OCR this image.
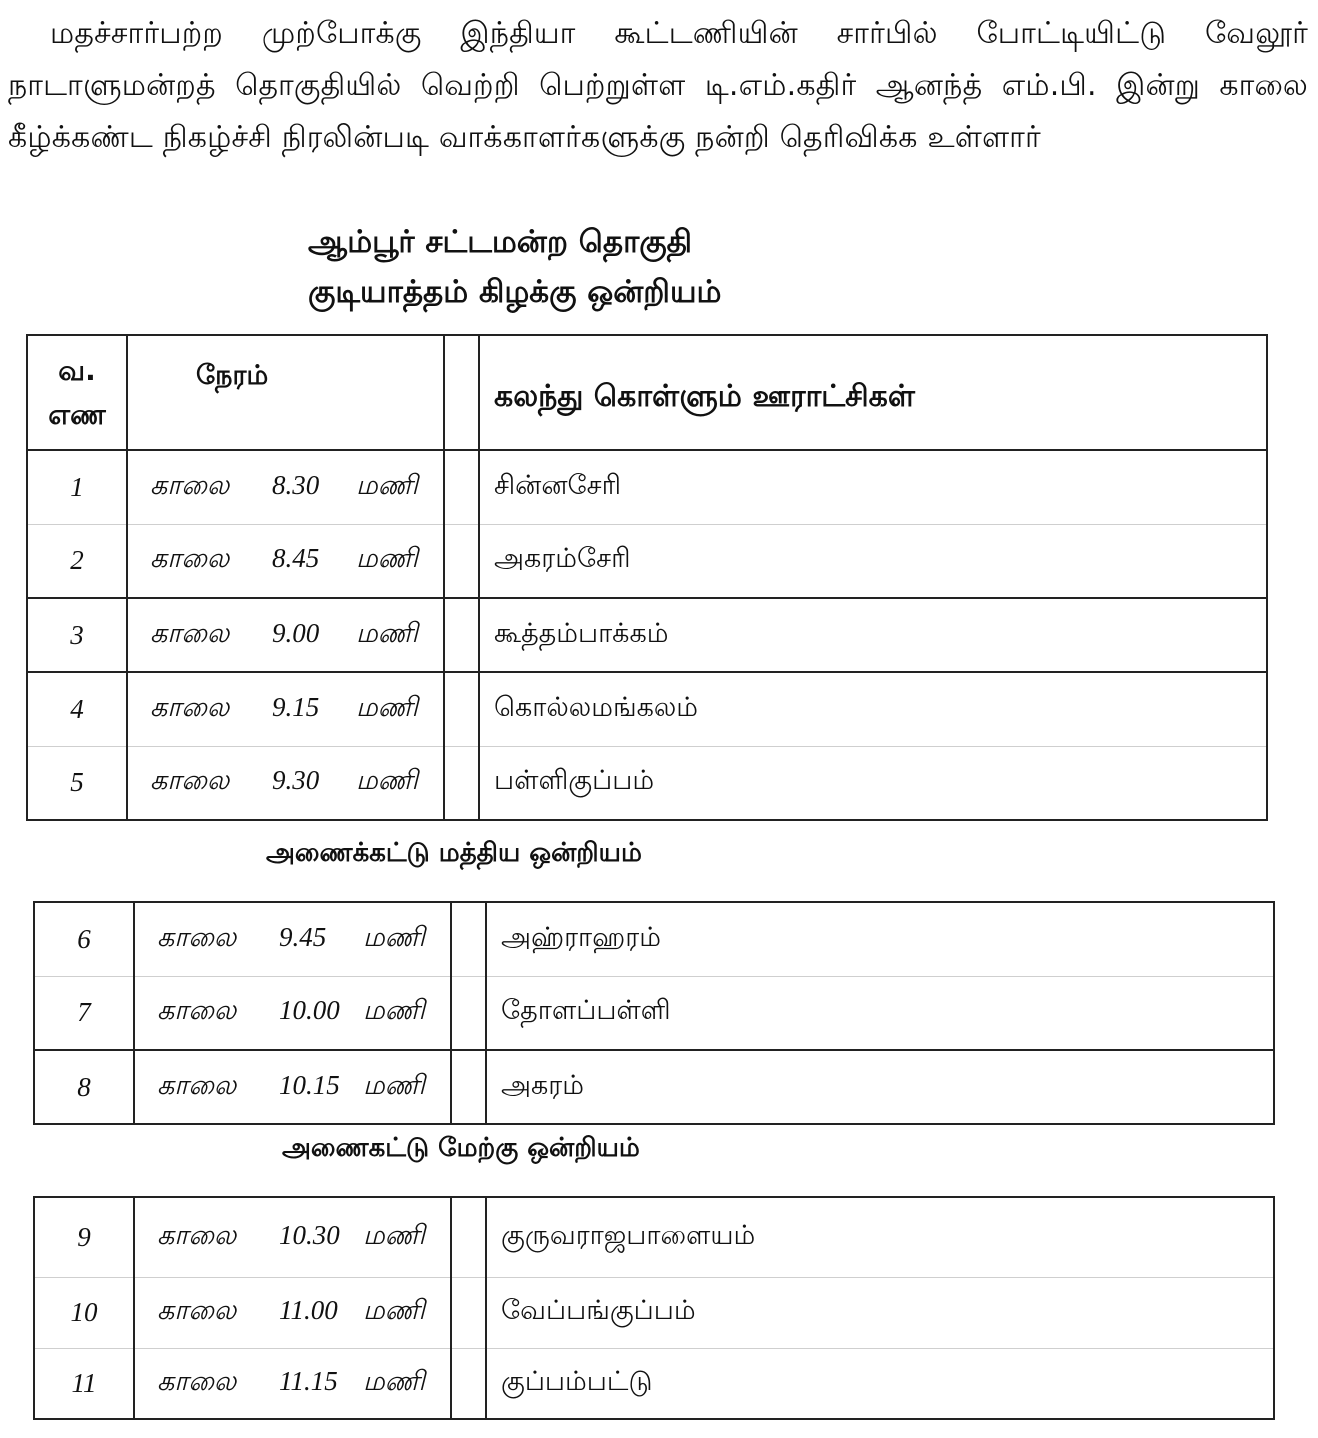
மதச்சார்பற்ற முற்போக்கு இந்தியா கூட்டணியின் சார்பில் போட்டியிட்டு வேலூர் நாடாளுமன்றத் தொகுதியில் வெற்றி பெற்றுள்ள டி.எம்.கதிர் ஆனந்த் எம்.பி. இன்று காலை கீழ்க்கண்ட நிகழ்ச்சி நிரலின்படி வாக்காளர்களுக்கு நன்றி தெரிவிக்க உள்ளார்
ஆம்பூர் சட்டமன்ற தொகுதி
குடியாத்தம் கிழக்கு ஒன்றியம்
வ.
எண	நேரம்		கலந்து கொள்ளும் ஊராட்சிகள்
1	காலை 8.30 மணி		சின்னசேரி
2	காலை 8.45 மணி		அகரம்சேரி
3	காலை 9.00 மணி		கூத்தம்பாக்கம்
4	காலை 9.15 மணி		கொல்லமங்கலம்
5	காலை 9.30 மணி		பள்ளிகுப்பம்
அணைக்கட்டு மத்திய ஒன்றியம்
6	காலை 9.45 மணி		அஹ்ராஹரம்
7	காலை 10.00 மணி		தோளப்பள்ளி
8	காலை 10.15 மணி		அகரம்
அணைகட்டு மேற்கு ஒன்றியம்
9	காலை 10.30 மணி		குருவராஜபாளையம்
10	காலை 11.00 மணி		வேப்பங்குப்பம்
11	காலை 11.15 மணி		குப்பம்பட்டு
